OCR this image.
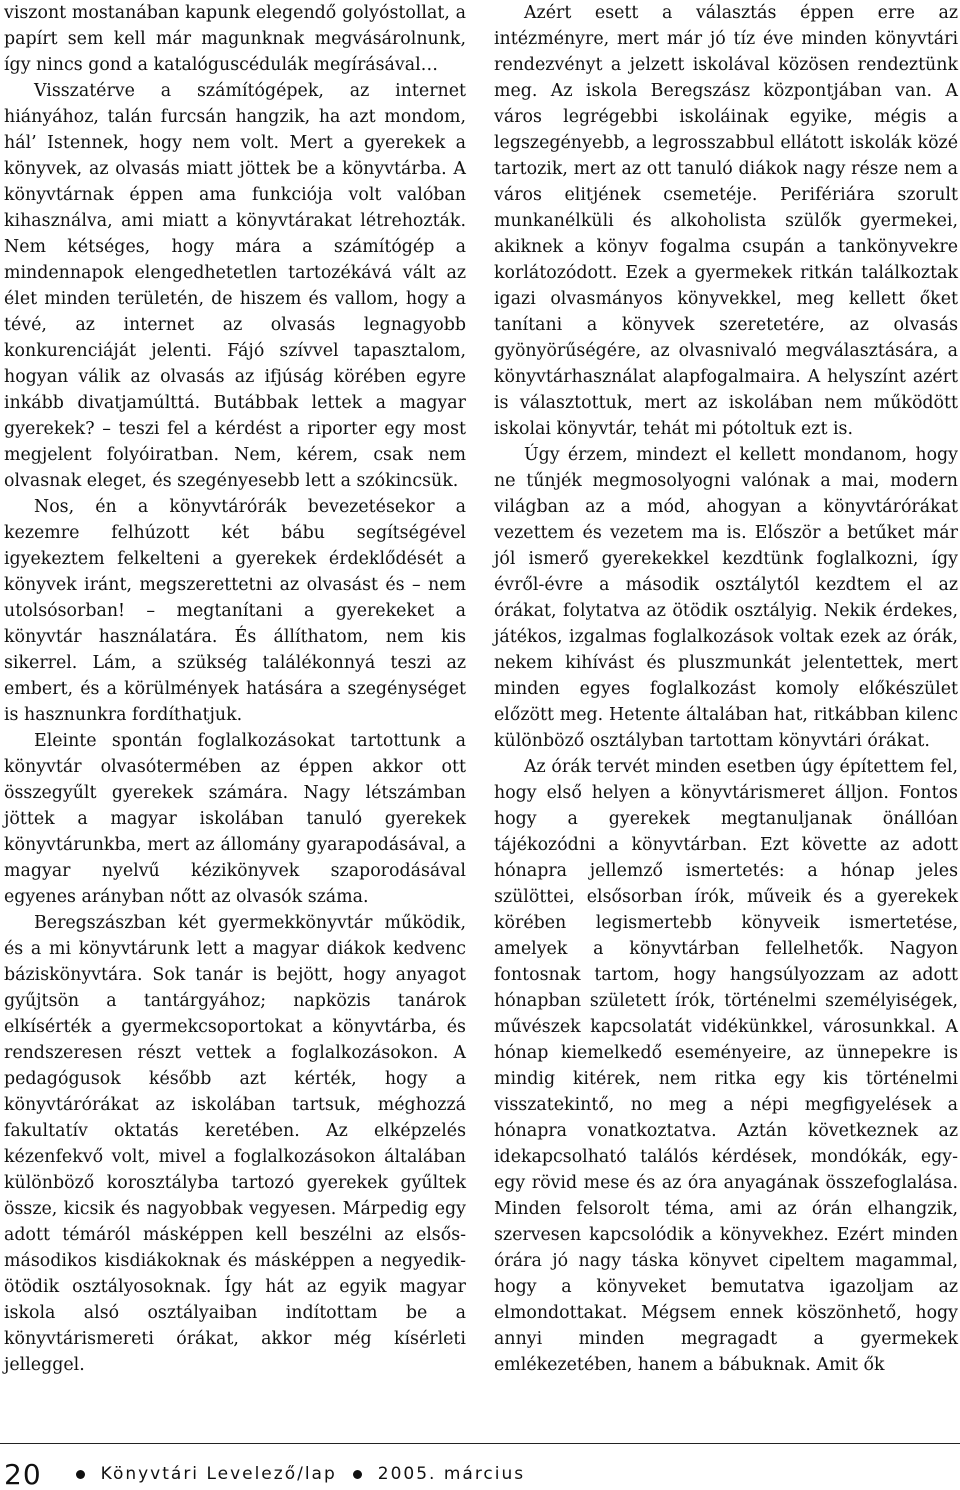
viszont mostanában kapunk elegendő golyóstollat, a papírt sem kell már magunknak megvásárolnunk, így nincs gond a katalóguscédulák megírásával…

Visszatérve a számítógépek, az internet hiányához, talán furcsán hangzik, ha azt mondom, hál’ Istennek, hogy nem volt. Mert a gyerekek a könyvek, az olvasás miatt jöttek be a könyvtárba. A könyvtárnak éppen ama funkciója volt valóban kihasználva, ami miatt a könyvtárakat létrehozták. Nem kétséges, hogy mára a számítógép a mindennapok elengedhetetlen tartozékává vált az élet minden területén, de hiszem és vallom, hogy a tévé, az internet az olvasás legnagyobb konkurenciáját jelenti. Fájó szívvel tapasztalom, hogyan válik az olvasás az ifjúság körében egyre inkább divatjamúlttá. Butábbak lettek a magyar gyerekek? – teszi fel a kérdést a riporter egy most megjelent folyóiratban. Nem, kérem, csak nem olvasnak eleget, és szegényesebb lett a szókincsük.

Nos, én a könyvtárórák bevezetésekor a kezemre felhúzott két bábu segítségével igyekeztem felkelteni a gyerekek érdeklődését a könyvek iránt, megszerettetni az olvasást és – nem utolsósorban! – megtanítani a gyerekeket a könyvtár használatára. És állíthatom, nem kis sikerrel. Lám, a szükség találékonnyá teszi az embert, és a körülmények hatására a szegénységet is hasznunkra fordíthatjuk.

Eleinte spontán foglalkozásokat tartottunk a könyvtár olvasótermében az éppen akkor ott összegyűlt gyerekek számára. Nagy létszámban jöttek a magyar iskolában tanuló gyerekek könyvtárunkba, mert az állomány gyarapodásával, a magyar nyelvű kézikönyvek szaporodásával egyenes arányban nőtt az olvasók száma.

Beregszászban két gyermekkönyvtár működik, és a mi könyvtárunk lett a magyar diákok kedvenc báziskönyvtára. Sok tanár is bejött, hogy anyagot gyűjtsön a tantárgyához; napközis tanárok elkísérték a gyermekcsoportokat a könyvtárba, és rendszeresen részt vettek a foglalkozásokon. A pedagógusok később azt kérték, hogy a könyvtárórákat az iskolában tartsuk, méghozzá fakultatív oktatás keretében. Az elképzelés kézenfekvő volt, mivel a foglalkozásokon általában különböző korosztályba tartozó gyerekek gyűltek össze, kicsik és nagyobbak vegyesen. Márpedig egy adott témáról másképpen kell beszélni az elsős-másodikos kisdiákoknak és másképpen a negyedik-ötödik osztályosoknak. Így hát az egyik magyar iskola alsó osztályaiban indítottam be a könyvtárismereti órákat, akkor még kísérleti jelleggel.

Azért esett a választás éppen erre az intézményre, mert már jó tíz éve minden könyvtári rendezvényt a jelzett iskolával közösen rendeztünk meg. Az iskola Beregszász központjában van. A város legrégebbi iskoláinak egyike, mégis a legszegényebb, a legrosszabbul ellátott iskolák közé tartozik, mert az ott tanuló diákok nagy része nem a város elitjének csemetéje. Perifériára szorult munkanélküli és alkoholista szülők gyermekei, akiknek a könyv fogalma csupán a tankönyvekre korlátozódott. Ezek a gyermekek ritkán találkoztak igazi olvasmányos könyvekkel, meg kellett őket tanítani a könyvek szeretetére, az olvasás gyönyörűségére, az olvasnivaló megválasztására, a könyvtárhasználat alapfogalmaira. A helyszínt azért is választottuk, mert az iskolában nem működött iskolai könyvtár, tehát mi pótoltuk ezt is.

Úgy érzem, mindezt el kellett mondanom, hogy ne tűnjék megmosolyogni valónak a mai, modern világban az a mód, ahogyan a könyvtárórákat vezettem és vezetem ma is. Először a betűket már jól ismerő gyerekekkel kezdtünk foglalkozni, így évről-évre a második osztálytól kezdtem el az órákat, folytatva az ötödik osztályig. Nekik érdekes, játékos, izgalmas foglalkozások voltak ezek az órák, nekem kihívást és pluszmunkát jelentettek, mert minden egyes foglalkozást komoly előkészület előzött meg. Hetente általában hat, ritkábban kilenc különböző osztályban tartottam könyvtári órákat.

Az órák tervét minden esetben úgy építettem fel, hogy első helyen a könyvtárismeret álljon. Fontos hogy a gyerekek megtanuljanak önállóan tájékozódni a könyvtárban. Ezt követte az adott hónapra jellemző ismertetés: a hónap jeles szülöttei, elsősorban írók, műveik és a gyerekek körében legismertebb könyveik ismertetése, amelyek a könyvtárban fellelhetők. Nagyon fontosnak tartom, hogy hangsúlyozzam az adott hónapban született írók, történelmi személyiségek, művészek kapcsolatát vidékünkkel, városunkkal. A hónap kiemelkedő eseményeire, az ünnepekre is mindig kitérek, nem ritka egy kis történelmi visszatekintő, no meg a népi megfigyelések a hónapra vonatkoztatva. Aztán következnek az idekapcsolható találós kérdések, mondókák, egy-egy rövid mese és az óra anyagának összefoglalása. Minden felsorolt téma, ami az órán elhangzik, szervesen kapcsolódik a könyvekhez. Ezért minden órára jó nagy táska könyvet cipeltem magammal, hogy a könyveket bemutatva igazoljam az elmondottakat. Mégsem ennek köszönhető, hogy annyi minden megragadt a gyermekek emlékezetében, hanem a bábuknak. Amit ők

20	Könyvtári Levelező/lap 2005. március
